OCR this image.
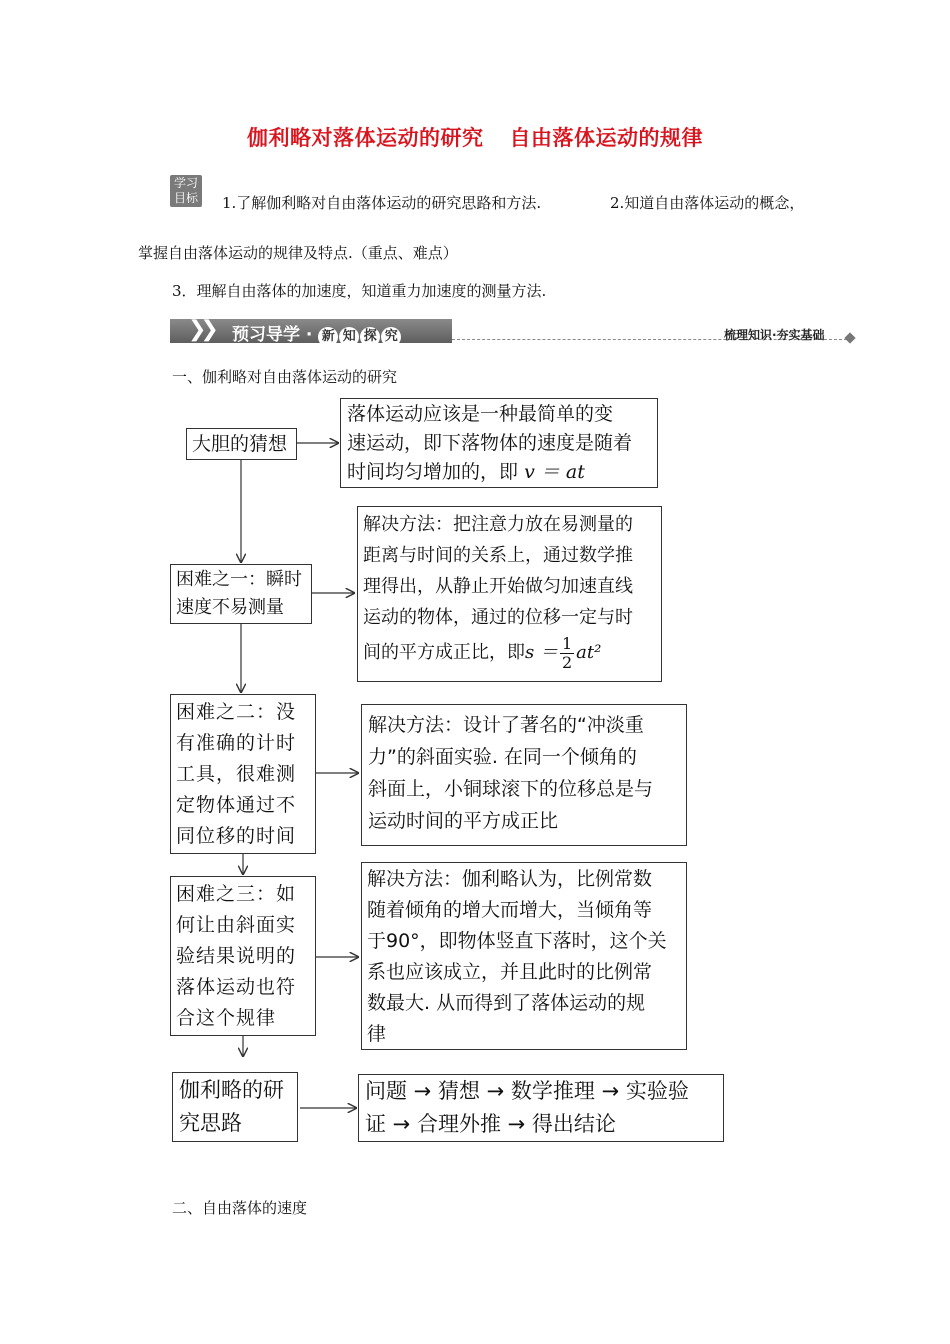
伽利略对落体运动的研究 自由落体运动的规律
学习
目标 1.了解伽利略对自由落体运动的研究思路和方法.	2.知道自由落体运动的概念，
掌握自由落体运动的规律及特点.（重点、难点）
3．理解自由落体的加速度，知道重力加速度的测量方法.
❯❯ 预习导学 · 新 知 探 究	梳理知识·夯实基础
一、伽利略对自由落体运动的研究
大胆的猜想
落体运动应该是一种最简单的变
速运动，即下落物体的速度是随着
时间均匀增加的，即 v ＝ at
困难之一：瞬时
速度不易测量
解决方法：把注意力放在易测量的
距离与时间的关系上，通过数学推
理得出，从静止开始做匀加速直线
运动的物体，通过的位移一定与时
间的平方成正比，即$s = \frac{1}{2} at^2$
困难之二：没
有准确的计时
工具，很难测
定物体通过不
同位移的时间
解决方法：设计了著名的“冲淡重
力”的斜面实验. 在同一个倾角的
斜面上，小铜球滚下的位移总是与
运动时间的平方成正比
困难之三：如
何让由斜面实
验结果说明的
落体运动也符
合这个规律
解决方法：伽利略认为，比例常数
随着倾角的增大而增大，当倾角等
于90°，即物体竖直下落时，这个关
系也应该成立，并且此时的比例常
数最大. 从而得到了落体运动的规
律
伽利略的研
究思路
问题 → 猜想 → 数学推理 → 实验验
证 → 合理外推 → 得出结论
二、自由落体的速度
